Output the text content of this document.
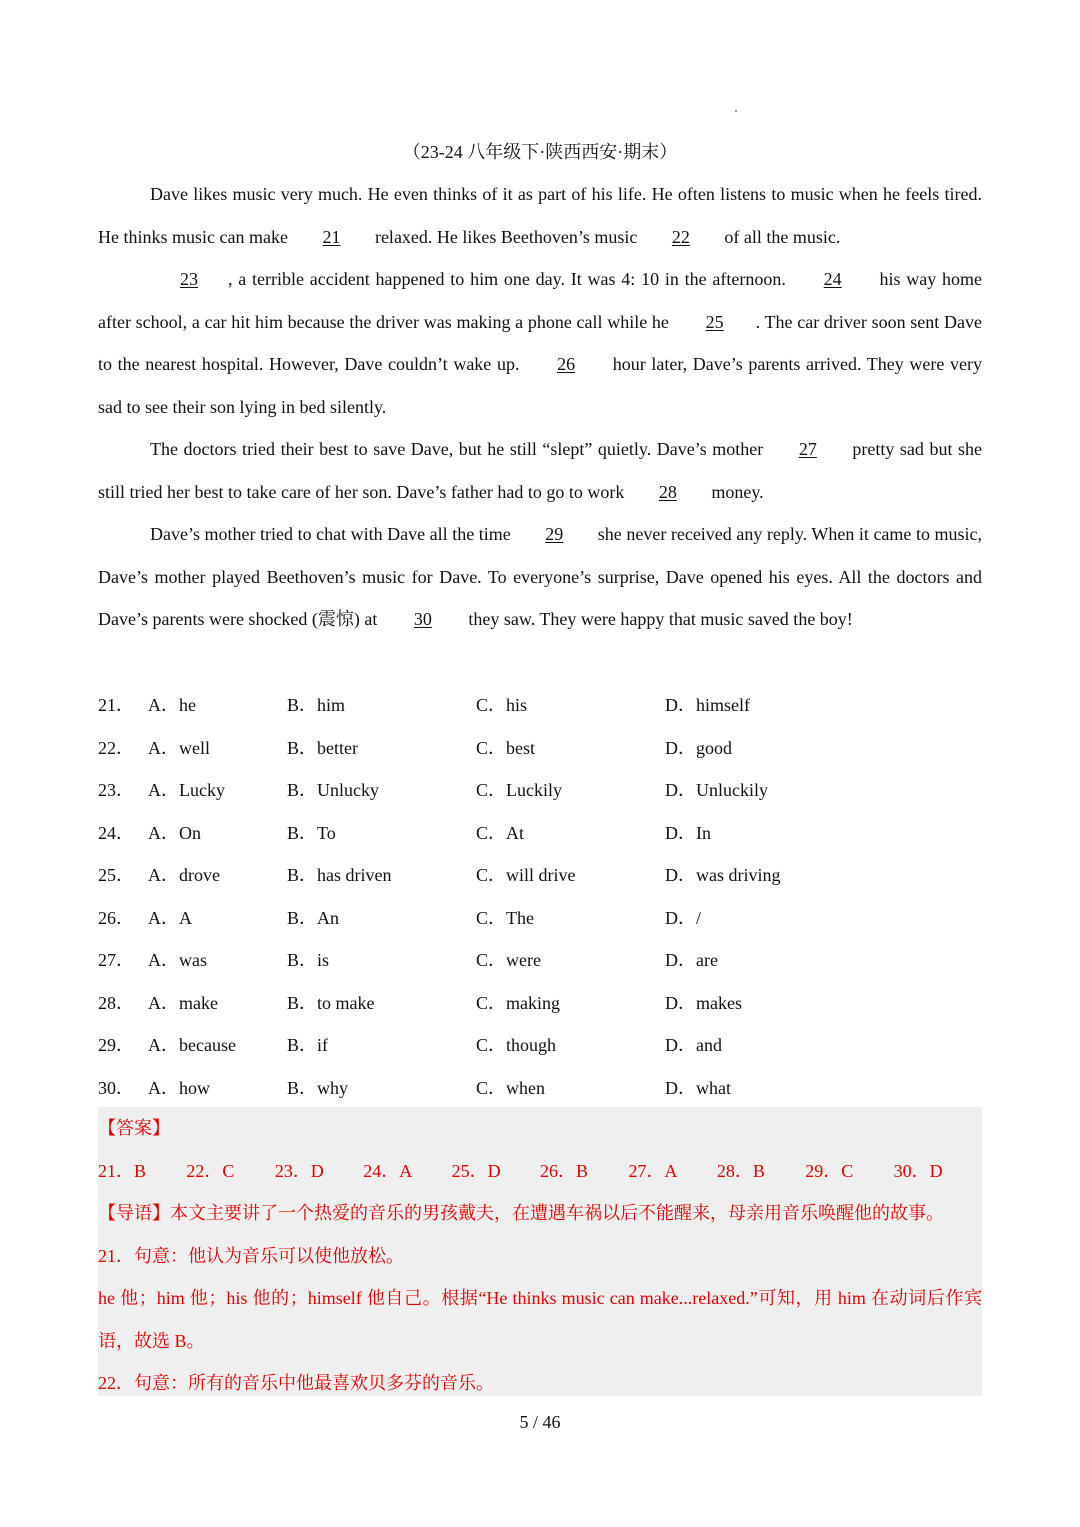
（23-24 八年级下·陕西西安·期末）

Dave likes music very much. He even thinks of it as part of his life. He often listens to music when he feels tired. He thinks music can make 21 relaxed. He likes Beethoven’s music 22 of all the music.

23 , a terrible accident happened to him one day. It was 4: 10 in the afternoon. 24 his way home after school, a car hit him because the driver was making a phone call while he 25 . The car driver soon sent Dave to the nearest hospital. However, Dave couldn’t wake up. 26 hour later, Dave’s parents arrived. They were very sad to see their son lying in bed silently.

The doctors tried their best to save Dave, but he still “slept” quietly. Dave’s mother 27 pretty sad but she still tried her best to take care of her son. Dave’s father had to go to work 28 money.

Dave’s mother tried to chat with Dave all the time 29 she never received any reply. When it came to music, Dave’s mother played Beethoven’s music for Dave. To everyone’s surprise, Dave opened his eyes. All the doctors and Dave’s parents were shocked (震惊) at 30 they saw. They were happy that music saved the boy!

21． A．he	B．him	C．his	D．himself
22． A．well	B．better	C．best	D．good
23． A．Lucky	B．Unlucky	C．Luckily	D．Unluckily
24． A．On	B．To	C．At	D．In
25． A．drove	B．has driven	C．will drive	D．was driving
26． A．A	B．An	C．The	D．/
27． A．was	B．is	C．were	D．are
28． A．make	B．to make	C．making	D．makes
29． A．because	B．if	C．though	D．and
30． A．how	B．why	C．when	D．what
【答案】
21．B	22．C	23．D	24．A	25．D	26．B	27．A	28．B	29．C	30．D
【导语】本文主要讲了一个热爱的音乐的男孩戴夫，在遭遇车祸以后不能醒来，母亲用音乐唤醒他的故事。
21．句意：他认为音乐可以使他放松。

he 他；him 他；his 他的；himself 他自己。根据“He thinks music can make...relaxed.”可知，用 him 在动词后作宾语，故选 B。

22．句意：所有的音乐中他最喜欢贝多芬的音乐。
5 / 46
